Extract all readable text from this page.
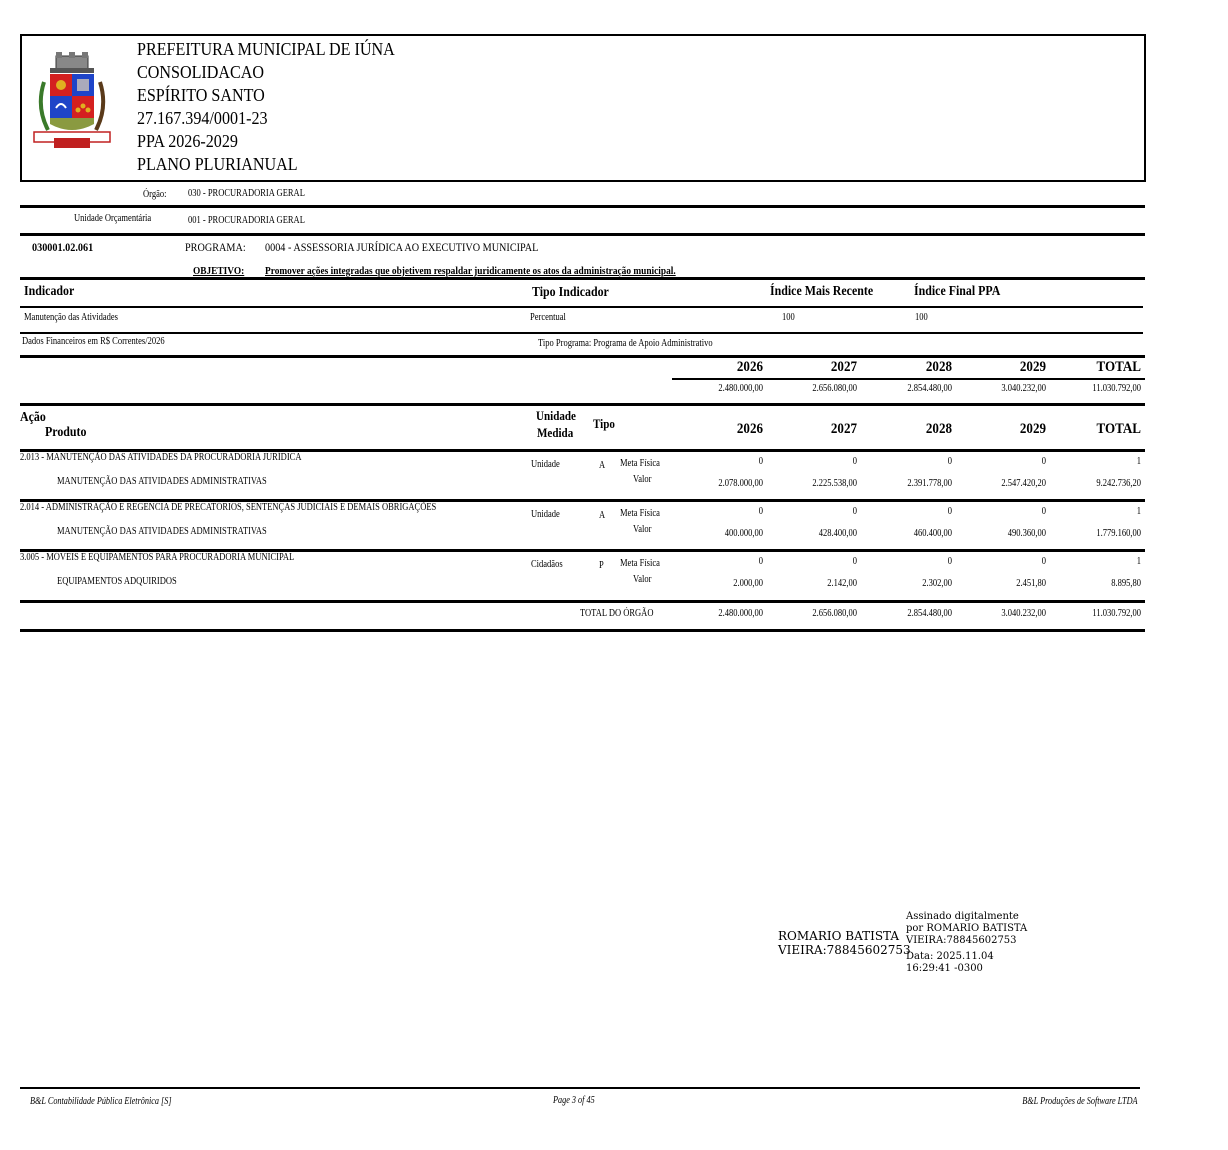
PREFEITURA MUNICIPAL DE IÚNA
CONSOLIDACAO
ESPÍRITO SANTO
27.167.394/0001-23
PPA 2026-2029
PLANO PLURIANUAL
Órgão: 030 - PROCURADORIA GERAL
Unidade Orçamentária	001 - PROCURADORIA GERAL
030001.02.061	PROGRAMA: 0004 - ASSESSORIA JURÍDICA AO EXECUTIVO MUNICIPAL
OBJETIVO: Promover ações integradas que objetivem respaldar juridicamente os atos da administração municipal.
Indicador	Tipo Indicador	Índice Mais Recente	Índice Final PPA
Manutenção das Atividades	Percentual	100	100
Dados Financeiros em R$ Correntes/2026	Tipo Programa: Programa de Apoio Administrativo
2026	2027	2028	2029	TOTAL
2.480.000,00	2.656.080,00	2.854.480,00	3.040.232,00	11.030.792,00
Ação
Produto
Unidade
Medida
Tipo	2026	2027	2028	2029	TOTAL
2.013 - MANUTENÇÃO DAS ATIVIDADES DA PROCURADORIA JURÍDICA
MANUTENÇÃO DAS ATIVIDADES ADMINISTRATIVAS
Unidade	A Meta Física
Valor
0	0	0	0	1
2.078.000,00	2.225.538,00	2.391.778,00	2.547.420,20	9.242.736,20
2.014 - ADMINISTRAÇÃO E REGENCIA DE PRECATÓRIOS, SENTENÇAS JUDICIAIS E DEMAIS OBRIGAÇÕES
MANUTENÇÃO DAS ATIVIDADES ADMINISTRATIVAS
Unidade	A Meta Física
Valor
0	0	0	0	1
400.000,00	428.400,00	460.400,00	490.360,00	1.779.160,00
3.005 - MÓVEIS E EQUIPAMENTOS PARA PROCURADORIA MUNICIPAL
EQUIPAMENTOS ADQUIRIDOS
Cidadãos	P Meta Física
Valor
0	0	0	0	1
2.000,00	2.142,00	2.302,00	2.451,80	8.895,80
TOTAL DO ÓRGÃO	2.480.000,00	2.656.080,00	2.854.480,00	3.040.232,00	11.030.792,00
ROMARIO BATISTA
VIEIRA:78845602753
Assinado digitalmente
por ROMARIO BATISTA
VIEIRA:78845602753
Data: 2025.11.04
16:29:41 -0300
B&L Contabilidade Pública Eletrônica [S]	Page 3 of 45	B&L Produções de Software LTDA
